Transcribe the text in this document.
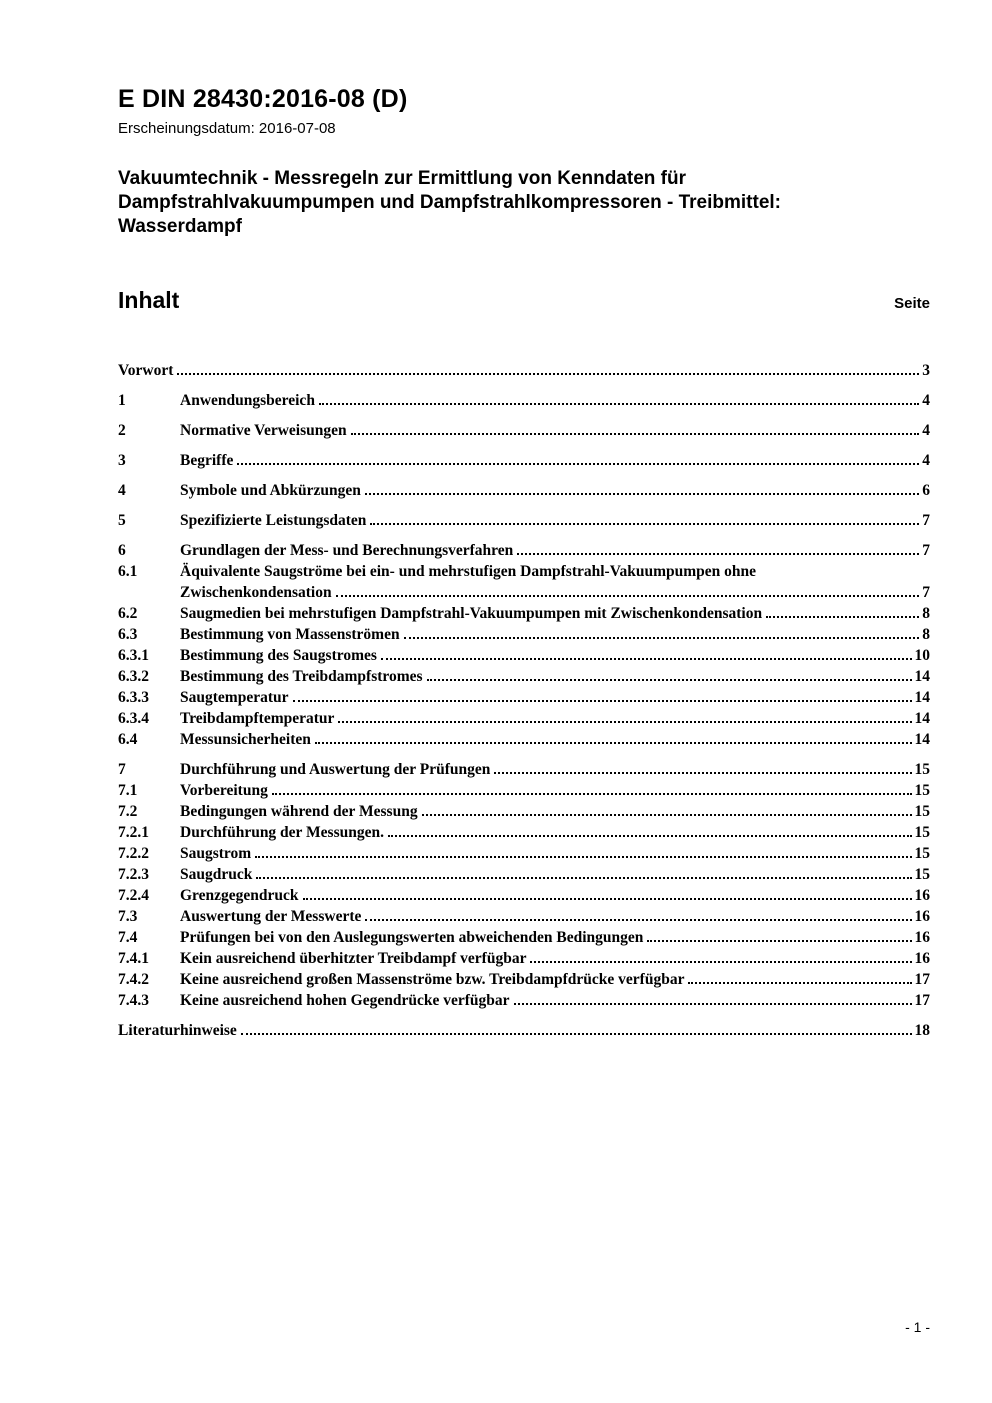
E DIN 28430:2016-08 (D)
Erscheinungsdatum: 2016-07-08
Vakuumtechnik - Messregeln zur Ermittlung von Kenndaten für
Dampfstrahlvakuumpumpen und Dampfstrahlkompressoren - Treibmittel:
Wasserdampf
Inhalt	Seite
Vorwort	3
1	Anwendungsbereich	4
2	Normative Verweisungen	4
3	Begriffe	4
4	Symbole und Abkürzungen	6
5	Spezifizierte Leistungsdaten	7
6	Grundlagen der Mess- und Berechnungsverfahren	7
6.1	Äquivalente Saugströme bei ein- und mehrstufigen Dampfstrahl-Vakuumpumpen ohne
Zwischenkondensation	7
6.2	Saugmedien bei mehrstufigen Dampfstrahl-Vakuumpumpen mit Zwischenkondensation	8
6.3	Bestimmung von Massenströmen	8
6.3.1	Bestimmung des Saugstromes	10
6.3.2	Bestimmung des Treibdampfstromes	14
6.3.3	Saugtemperatur	14
6.3.4	Treibdampftemperatur	14
6.4	Messunsicherheiten	14
7	Durchführung und Auswertung der Prüfungen	15
7.1	Vorbereitung	15
7.2	Bedingungen während der Messung	15
7.2.1	Durchführung der Messungen.	15
7.2.2	Saugstrom	15
7.2.3	Saugdruck	15
7.2.4	Grenzgegendruck	16
7.3	Auswertung der Messwerte	16
7.4	Prüfungen bei von den Auslegungswerten abweichenden Bedingungen	16
7.4.1	Kein ausreichend überhitzter Treibdampf verfügbar	16
7.4.2	Keine ausreichend großen Massenströme bzw. Treibdampfdrücke verfügbar	17
7.4.3	Keine ausreichend hohen Gegendrücke verfügbar	17
Literaturhinweise	18
- 1 -
